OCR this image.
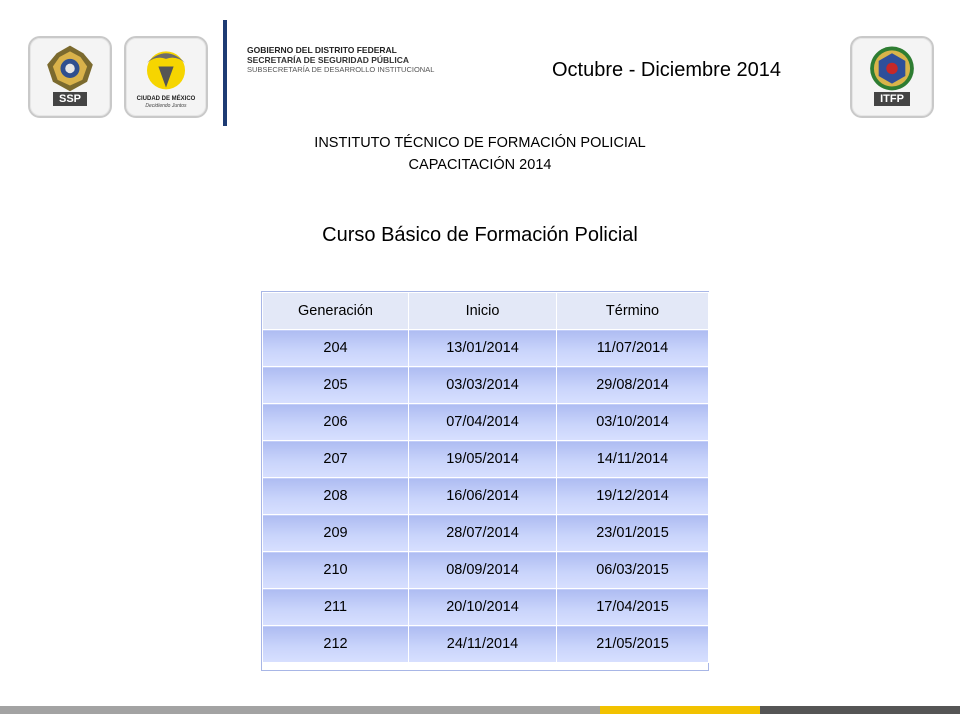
SSP	CIUDAD DE MÉXICO
Decidiendo Juntos
GOBIERNO DEL DISTRITO FEDERAL
SECRETARÍA DE SEGURIDAD PÚBLICA
SUBSECRETARÍA DE DESARROLLO INSTITUCIONAL	Octubre - Diciembre 2014
ITFP
INSTITUTO TÉCNICO DE FORMACIÓN POLICIAL
CAPACITACIÓN 2014
Curso Básico de Formación Policial
Generación	Inicio	Término
204	13/01/2014	11/07/2014
205	03/03/2014	29/08/2014
206	07/04/2014	03/10/2014
207	19/05/2014	14/11/2014
208	16/06/2014	19/12/2014
209	28/07/2014	23/01/2015
210	08/09/2014	06/03/2015
211	20/10/2014	17/04/2015
212	24/11/2014	21/05/2015
